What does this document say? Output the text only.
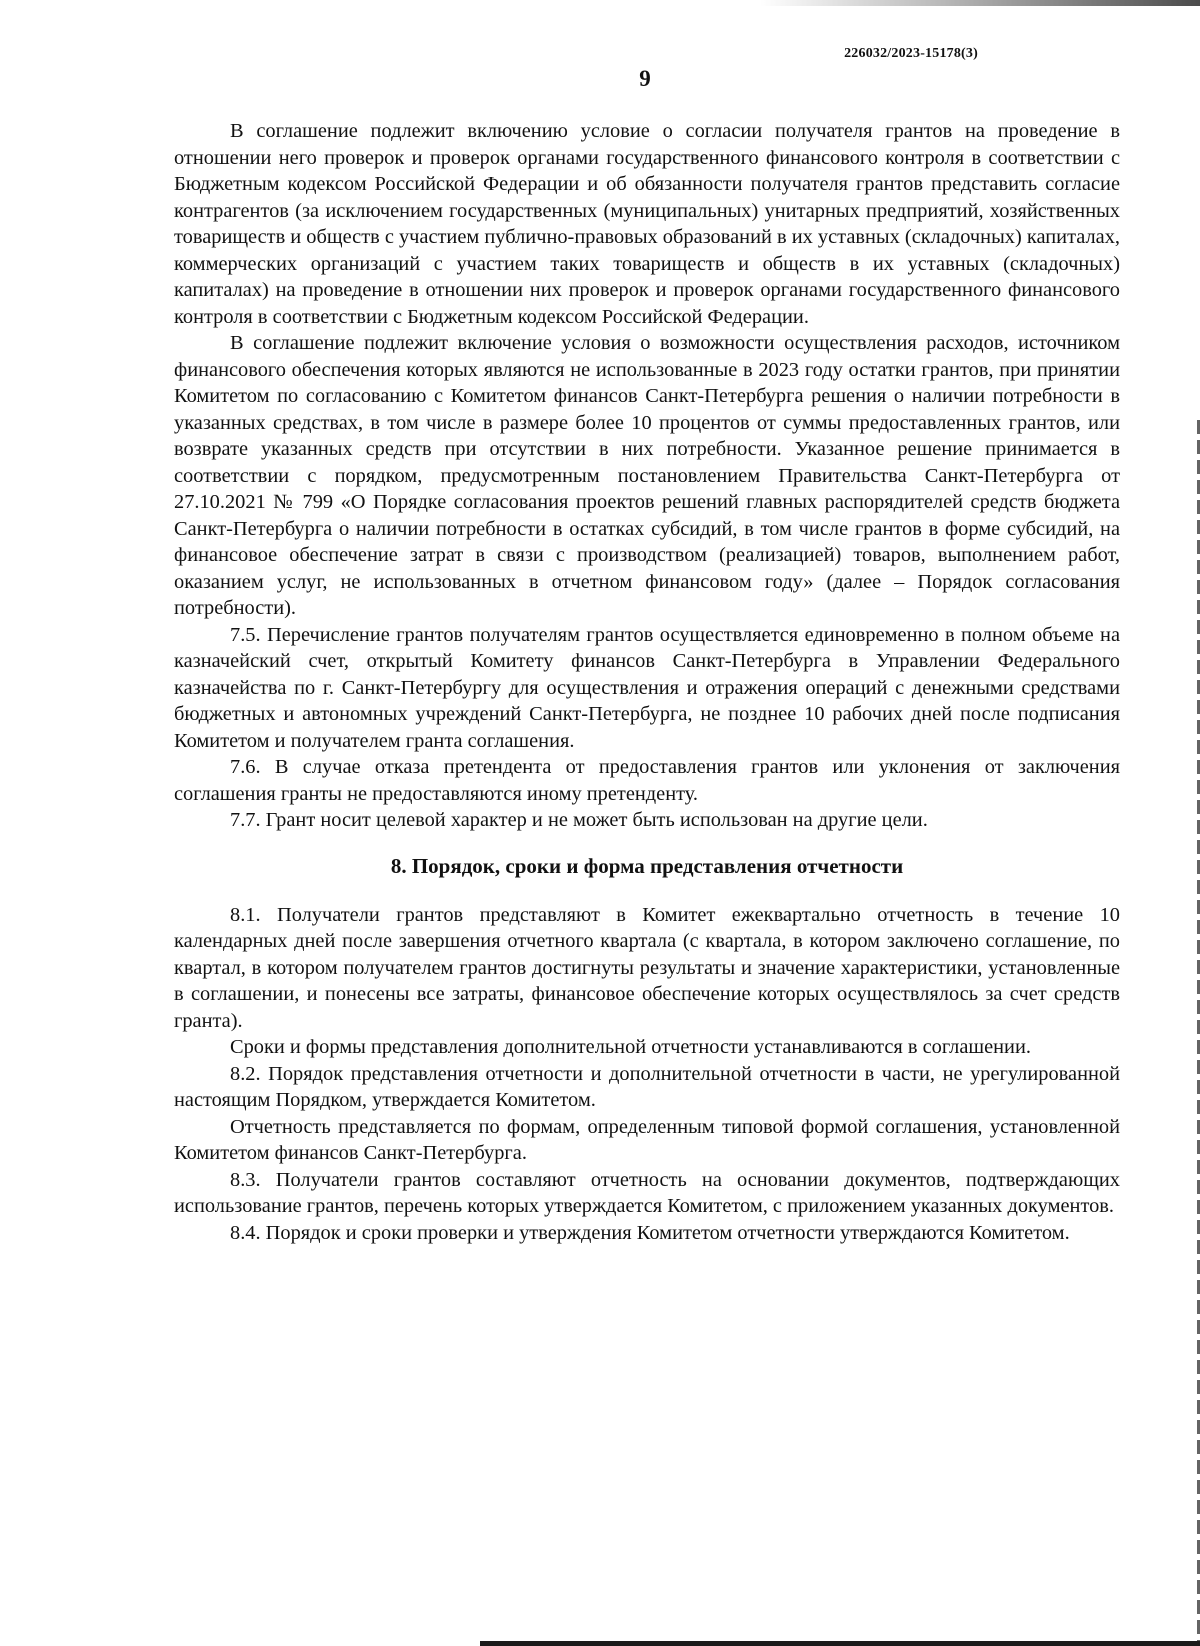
226032/2023-15178(3)
9

В соглашение подлежит включению условие о согласии получателя грантов на проведение в отношении него проверок и проверок органами государственного финансового контроля в соответствии с Бюджетным кодексом Российской Федерации и об обязанности получателя грантов представить согласие контрагентов (за исключением государственных (муниципальных) унитарных предприятий, хозяйственных товариществ и обществ с участием публично-правовых образований в их уставных (складочных) капиталах, коммерческих организаций с участием таких товариществ и обществ в их уставных (складочных) капиталах) на проведение в отношении них проверок и проверок органами государственного финансового контроля в соответствии с Бюджетным кодексом Российской Федерации.

В соглашение подлежит включение условия о возможности осуществления расходов, источником финансового обеспечения которых являются не использованные в 2023 году остатки грантов, при принятии Комитетом по согласованию с Комитетом финансов Санкт-Петербурга решения о наличии потребности в указанных средствах, в том числе в размере более 10 процентов от суммы предоставленных грантов, или возврате указанных средств при отсутствии в них потребности. Указанное решение принимается в соответствии с порядком, предусмотренным постановлением Правительства Санкт-Петербурга от 27.10.2021 № 799 «О Порядке согласования проектов решений главных распорядителей средств бюджета Санкт-Петербурга о наличии потребности в остатках субсидий, в том числе грантов в форме субсидий, на финансовое обеспечение затрат в связи с производством (реализацией) товаров, выполнением работ, оказанием услуг, не использованных в отчетном финансовом году» (далее – Порядок согласования потребности).

7.5. Перечисление грантов получателям грантов осуществляется единовременно в полном объеме на казначейский счет, открытый Комитету финансов Санкт-Петербурга в Управлении Федерального казначейства по г. Санкт-Петербургу для осуществления и отражения операций с денежными средствами бюджетных и автономных учреждений Санкт-Петербурга, не позднее 10 рабочих дней после подписания Комитетом и получателем гранта соглашения.

7.6. В случае отказа претендента от предоставления грантов или уклонения от заключения соглашения гранты не предоставляются иному претенденту.

7.7. Грант носит целевой характер и не может быть использован на другие цели.

8. Порядок, сроки и форма представления отчетности

8.1. Получатели грантов представляют в Комитет ежеквартально отчетность в течение 10 календарных дней после завершения отчетного квартала (с квартала, в котором заключено соглашение, по квартал, в котором получателем грантов достигнуты результаты и значение характеристики, установленные в соглашении, и понесены все затраты, финансовое обеспечение которых осуществлялось за счет средств гранта).

Сроки и формы представления дополнительной отчетности устанавливаются в соглашении.

8.2. Порядок представления отчетности и дополнительной отчетности в части, не урегулированной настоящим Порядком, утверждается Комитетом.

Отчетность представляется по формам, определенным типовой формой соглашения, установленной Комитетом финансов Санкт-Петербурга.

8.3. Получатели грантов составляют отчетность на основании документов, подтверждающих использование грантов, перечень которых утверждается Комитетом, с приложением указанных документов.

8.4. Порядок и сроки проверки и утверждения Комитетом отчетности утверждаются Комитетом.
